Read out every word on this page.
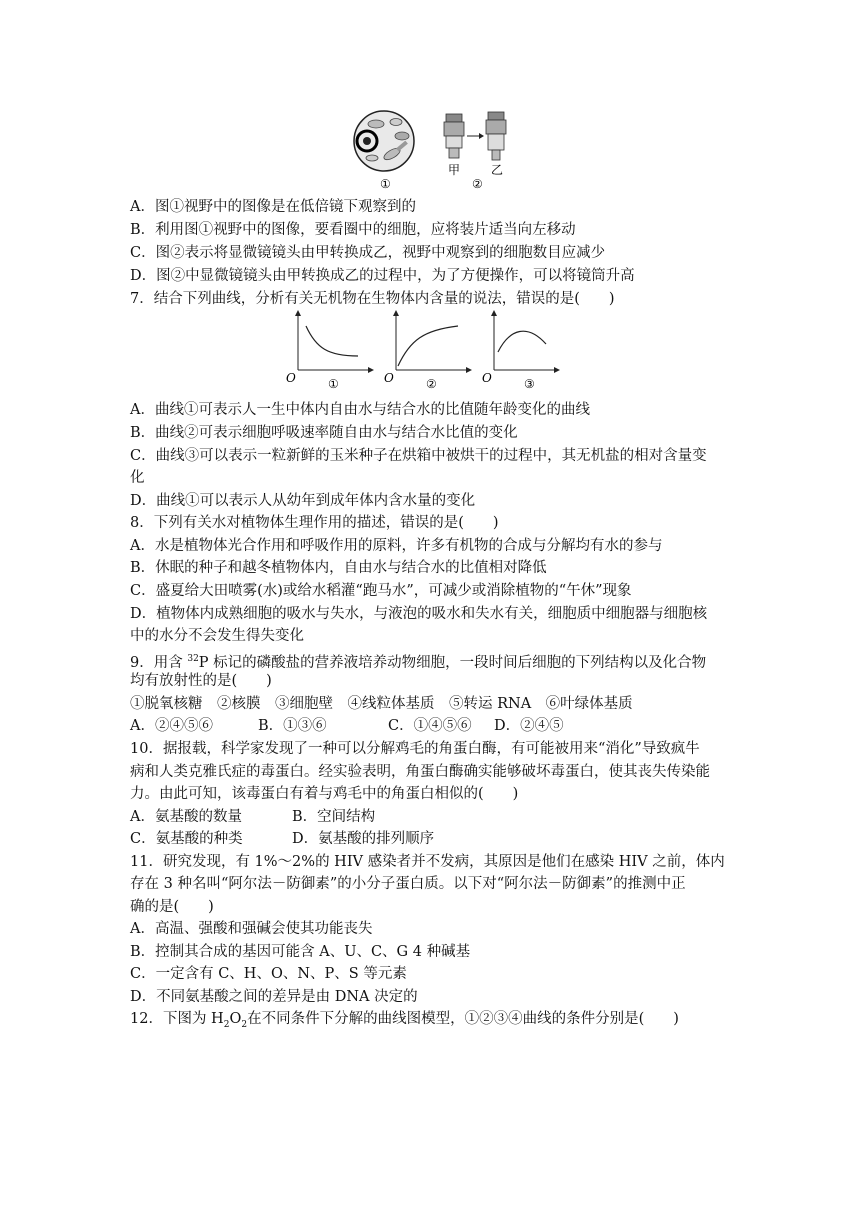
①
甲	乙
②
A．图①视野中的图像是在低倍镜下观察到的
B．利用图①视野中的图像，要看圈中的细胞，应将装片适当向左移动
C．图②表示将显微镜镜头由甲转换成乙，视野中观察到的细胞数目应减少
D．图②中显微镜镜头由甲转换成乙的过程中，为了方便操作，可以将镜筒升高
7．结合下列曲线，分析有关无机物在生物体内含量的说法，错误的是(　　)
O	①	O	②	O	③
A．曲线①可表示人一生中体内自由水与结合水的比值随年龄变化的曲线
B．曲线②可表示细胞呼吸速率随自由水与结合水比值的变化
C．曲线③可以表示一粒新鲜的玉米种子在烘箱中被烘干的过程中，其无机盐的相对含量变
化
D．曲线①可以表示人从幼年到成年体内含水量的变化
8．下列有关水对植物体生理作用的描述，错误的是(　　)
A．水是植物体光合作用和呼吸作用的原料，许多有机物的合成与分解均有水的参与
B．休眠的种子和越冬植物体内，自由水与结合水的比值相对降低
C．盛夏给大田喷雾(水)或给水稻灌“跑马水”，可减少或消除植物的“午休”现象
D．植物体内成熟细胞的吸水与失水，与液泡的吸水和失水有关，细胞质中细胞器与细胞核
中的水分不会发生得失变化
9．用含 $^{32}$P 标记的磷酸盐的营养液培养动物细胞，一段时间后细胞的下列结构以及化合物
均有放射性的是(　　)
①脱氧核糖　②核膜　③细胞壁　④线粒体基质　⑤转运 RNA　⑥叶绿体基质
A．②④⑤⑥	B．①③⑥	C．①④⑤⑥ D．②④⑤
10．据报载，科学家发现了一种可以分解鸡毛的角蛋白酶，有可能被用来“消化”导致疯牛
病和人类克雅氏症的毒蛋白。经实验表明，角蛋白酶确实能够破坏毒蛋白，使其丧失传染能
力。由此可知，该毒蛋白有着与鸡毛中的角蛋白相似的(　　)
A．氨基酸的数量	B．空间结构
C．氨基酸的种类	D．氨基酸的排列顺序
11．研究发现，有 1%～2%的 HIV 感染者并不发病，其原因是他们在感染 HIV 之前，体内
存在 3 种名叫“阿尔法－防御素”的小分子蛋白质。以下对“阿尔法－防御素”的推测中正
确的是(　　)
A．高温、强酸和强碱会使其功能丧失
B．控制其合成的基因可能含 A、U、C、G 4 种碱基
C．一定含有 C、H、O、N、P、S 等元素
D．不同氨基酸之间的差异是由 DNA 决定的
12．下图为 $H_2O_2$在不同条件下分解的曲线图模型，①②③④曲线的条件分别是(　　)
